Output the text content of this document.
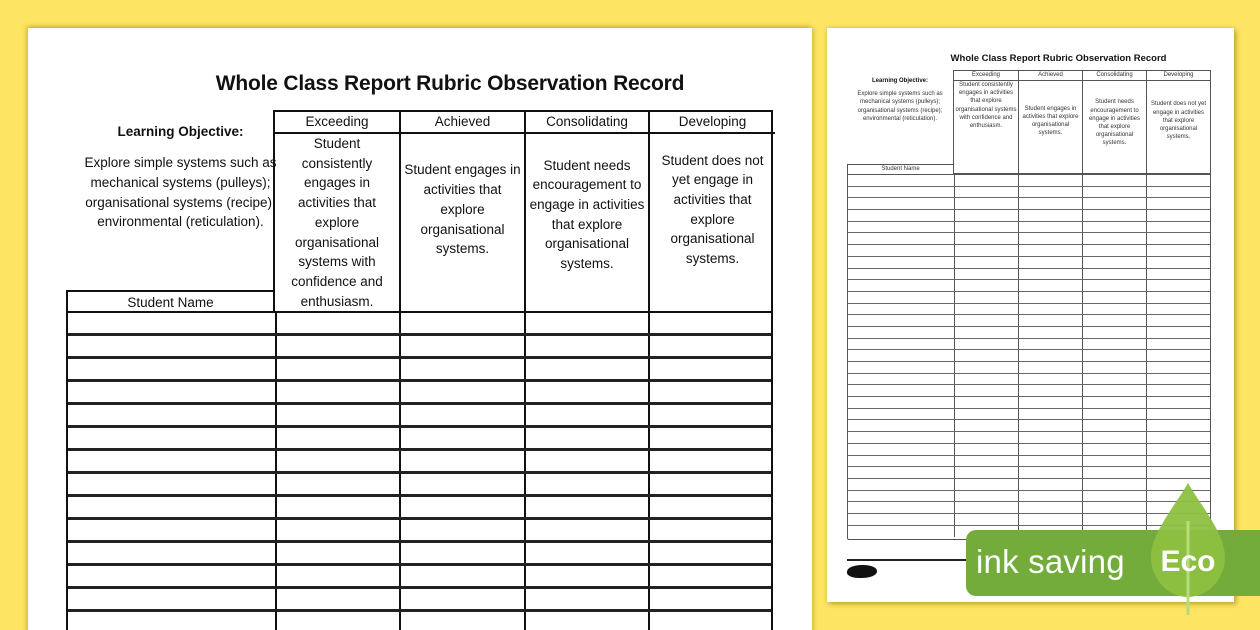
Whole Class Report Rubric Observation Record
Learning Objective:
Explore simple systems such as mechanical systems (pulleys); organisational systems (recipe); environmental (reticulation).
Exceeding
Student consistently engages in activities that explore organisational systems with confidence and enthusiasm.
Achieved
Student engages in activities that explore organisational systems.
Consolidating
Student needs encouragement to engage in activities that explore organisational systems.
Developing
Student does not yet engage in activities that explore organisational systems.
Student Name
Whole Class Report Rubric Observation Record
Learning Objective:
Explore simple systems such as mechanical systems (pulleys); organisational systems (recipe); environmental (reticulation).
Exceeding
Student consistently engages in activities that explore organisational systems with confidence and enthusiasm.
Achieved
Student engages in activities that explore organisational systems.
Consolidating
Student needs encouragement to engage in activities that explore organisational systems.
Developing
Student does not yet engage in activities that explore organisational systems.
Student Name
ink saving Eco
